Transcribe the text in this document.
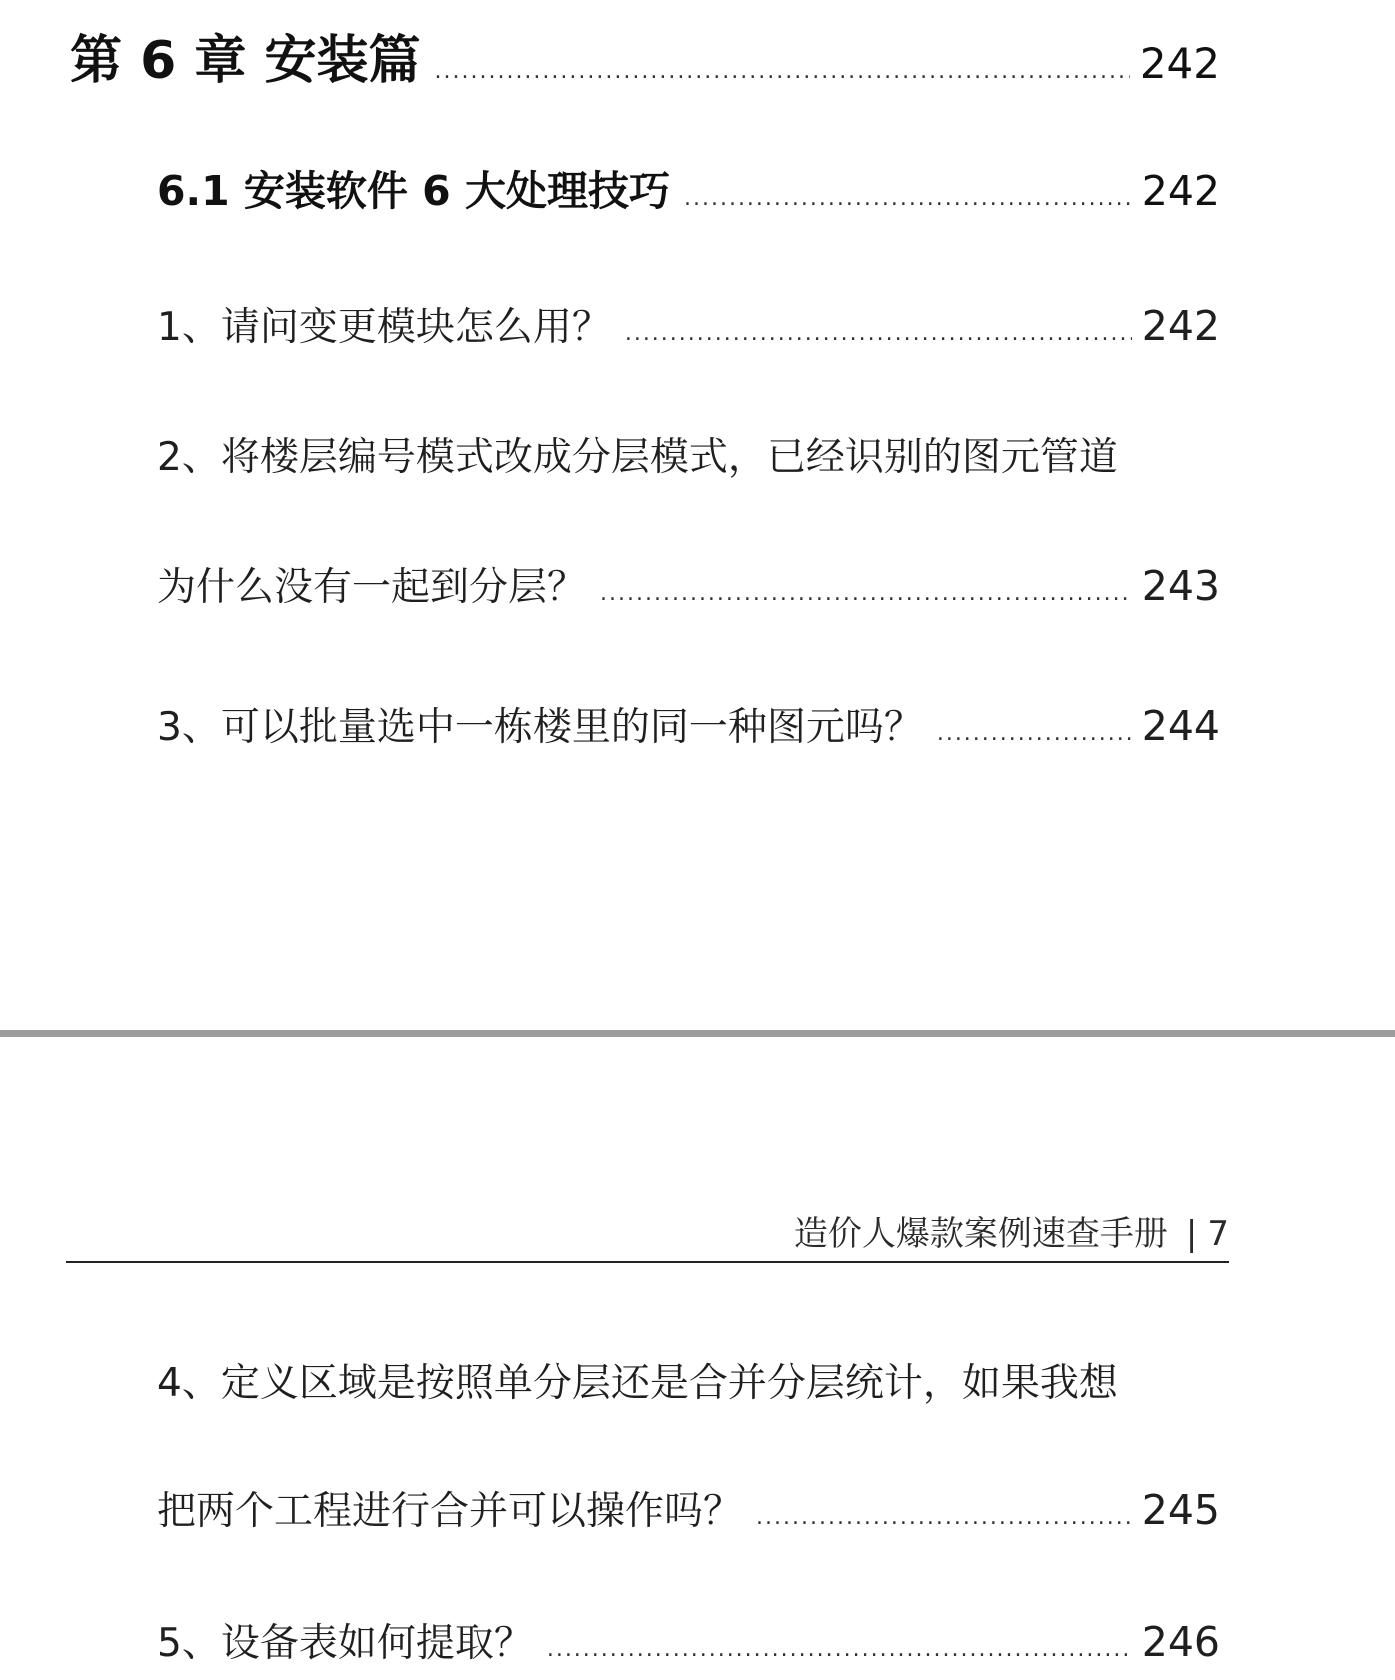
第 6 章 安装篇 .....	242
6.1 安装软件 6 大处理技巧 .....	242
1、请问变更模块怎么用？ .....	242
2、将楼层编号模式改成分层模式，已经识别的图元管道
为什么没有一起到分层？ .....	243
3、可以批量选中一栋楼里的同一种图元吗？ .....	244
造价人爆款案例速查手册 | 7
4、定义区域是按照单分层还是合并分层统计，如果我想
把两个工程进行合并可以操作吗？ .....	245
5、设备表如何提取？ .....	246
